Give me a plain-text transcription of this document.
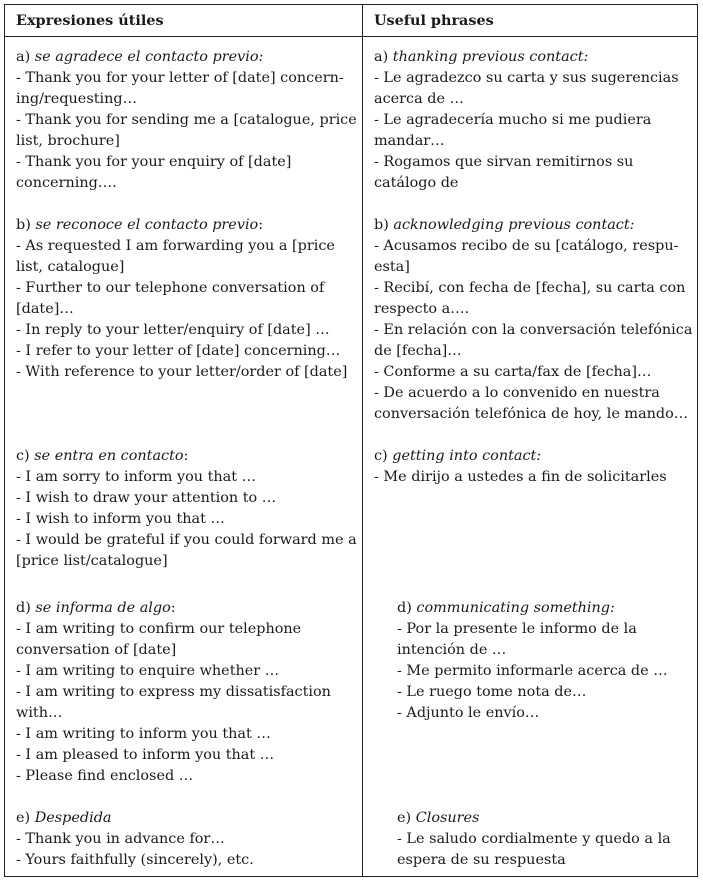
Expresiones útiles	Useful phrases

a) se agradece el contacto previo:

- Thank you for your letter of [date] concern-

ing/requesting…

- Thank you for sending me a [catalogue, price

list, brochure]

- Thank you for your enquiry of [date]

concerning….

a) thanking previous contact:

- Le agradezco su carta y sus sugerencias

acerca de …

- Le agradecería mucho si me pudiera

mandar…

- Rogamos que sirvan remitirnos su

catálogo de

b) se reconoce el contacto previo:

- As requested I am forwarding you a [price

list, catalogue]

- Further to our telephone conversation of

[date]…

- In reply to your letter/enquiry of [date] …

- I refer to your letter of [date] concerning…

- With reference to your letter/order of [date]

b) acknowledging previous contact:

- Acusamos recibo de su [catálogo, respu-

esta]

- Recibí, con fecha de [fecha], su carta con

respecto a….

- En relación con la conversación telefónica

de [fecha]…

- Conforme a su carta/fax de [fecha]…

- De acuerdo a lo convenido en nuestra

conversación telefónica de hoy, le mando…

c) se entra en contacto:

- I am sorry to inform you that …

- I wish to draw your attention to …

- I wish to inform you that …

- I would be grateful if you could forward me a

[price list/catalogue]

c) getting into contact:

- Me dirijo a ustedes a fin de solicitarles

d) se informa de algo:

- I am writing to confirm our telephone

conversation of [date]

- I am writing to enquire whether …

- I am writing to express my dissatisfaction

with…

- I am writing to inform you that …

- I am pleased to inform you that …

- Please find enclosed …

d) communicating something:

- Por la presente le informo de la

intención de …

- Me permito informarle acerca de …

- Le ruego tome nota de…

- Adjunto le envío…

e) Despedida

- Thank you in advance for…

- Yours faithfully (sincerely), etc.

e) Closures

- Le saludo cordialmente y quedo a la

espera de su respuesta
